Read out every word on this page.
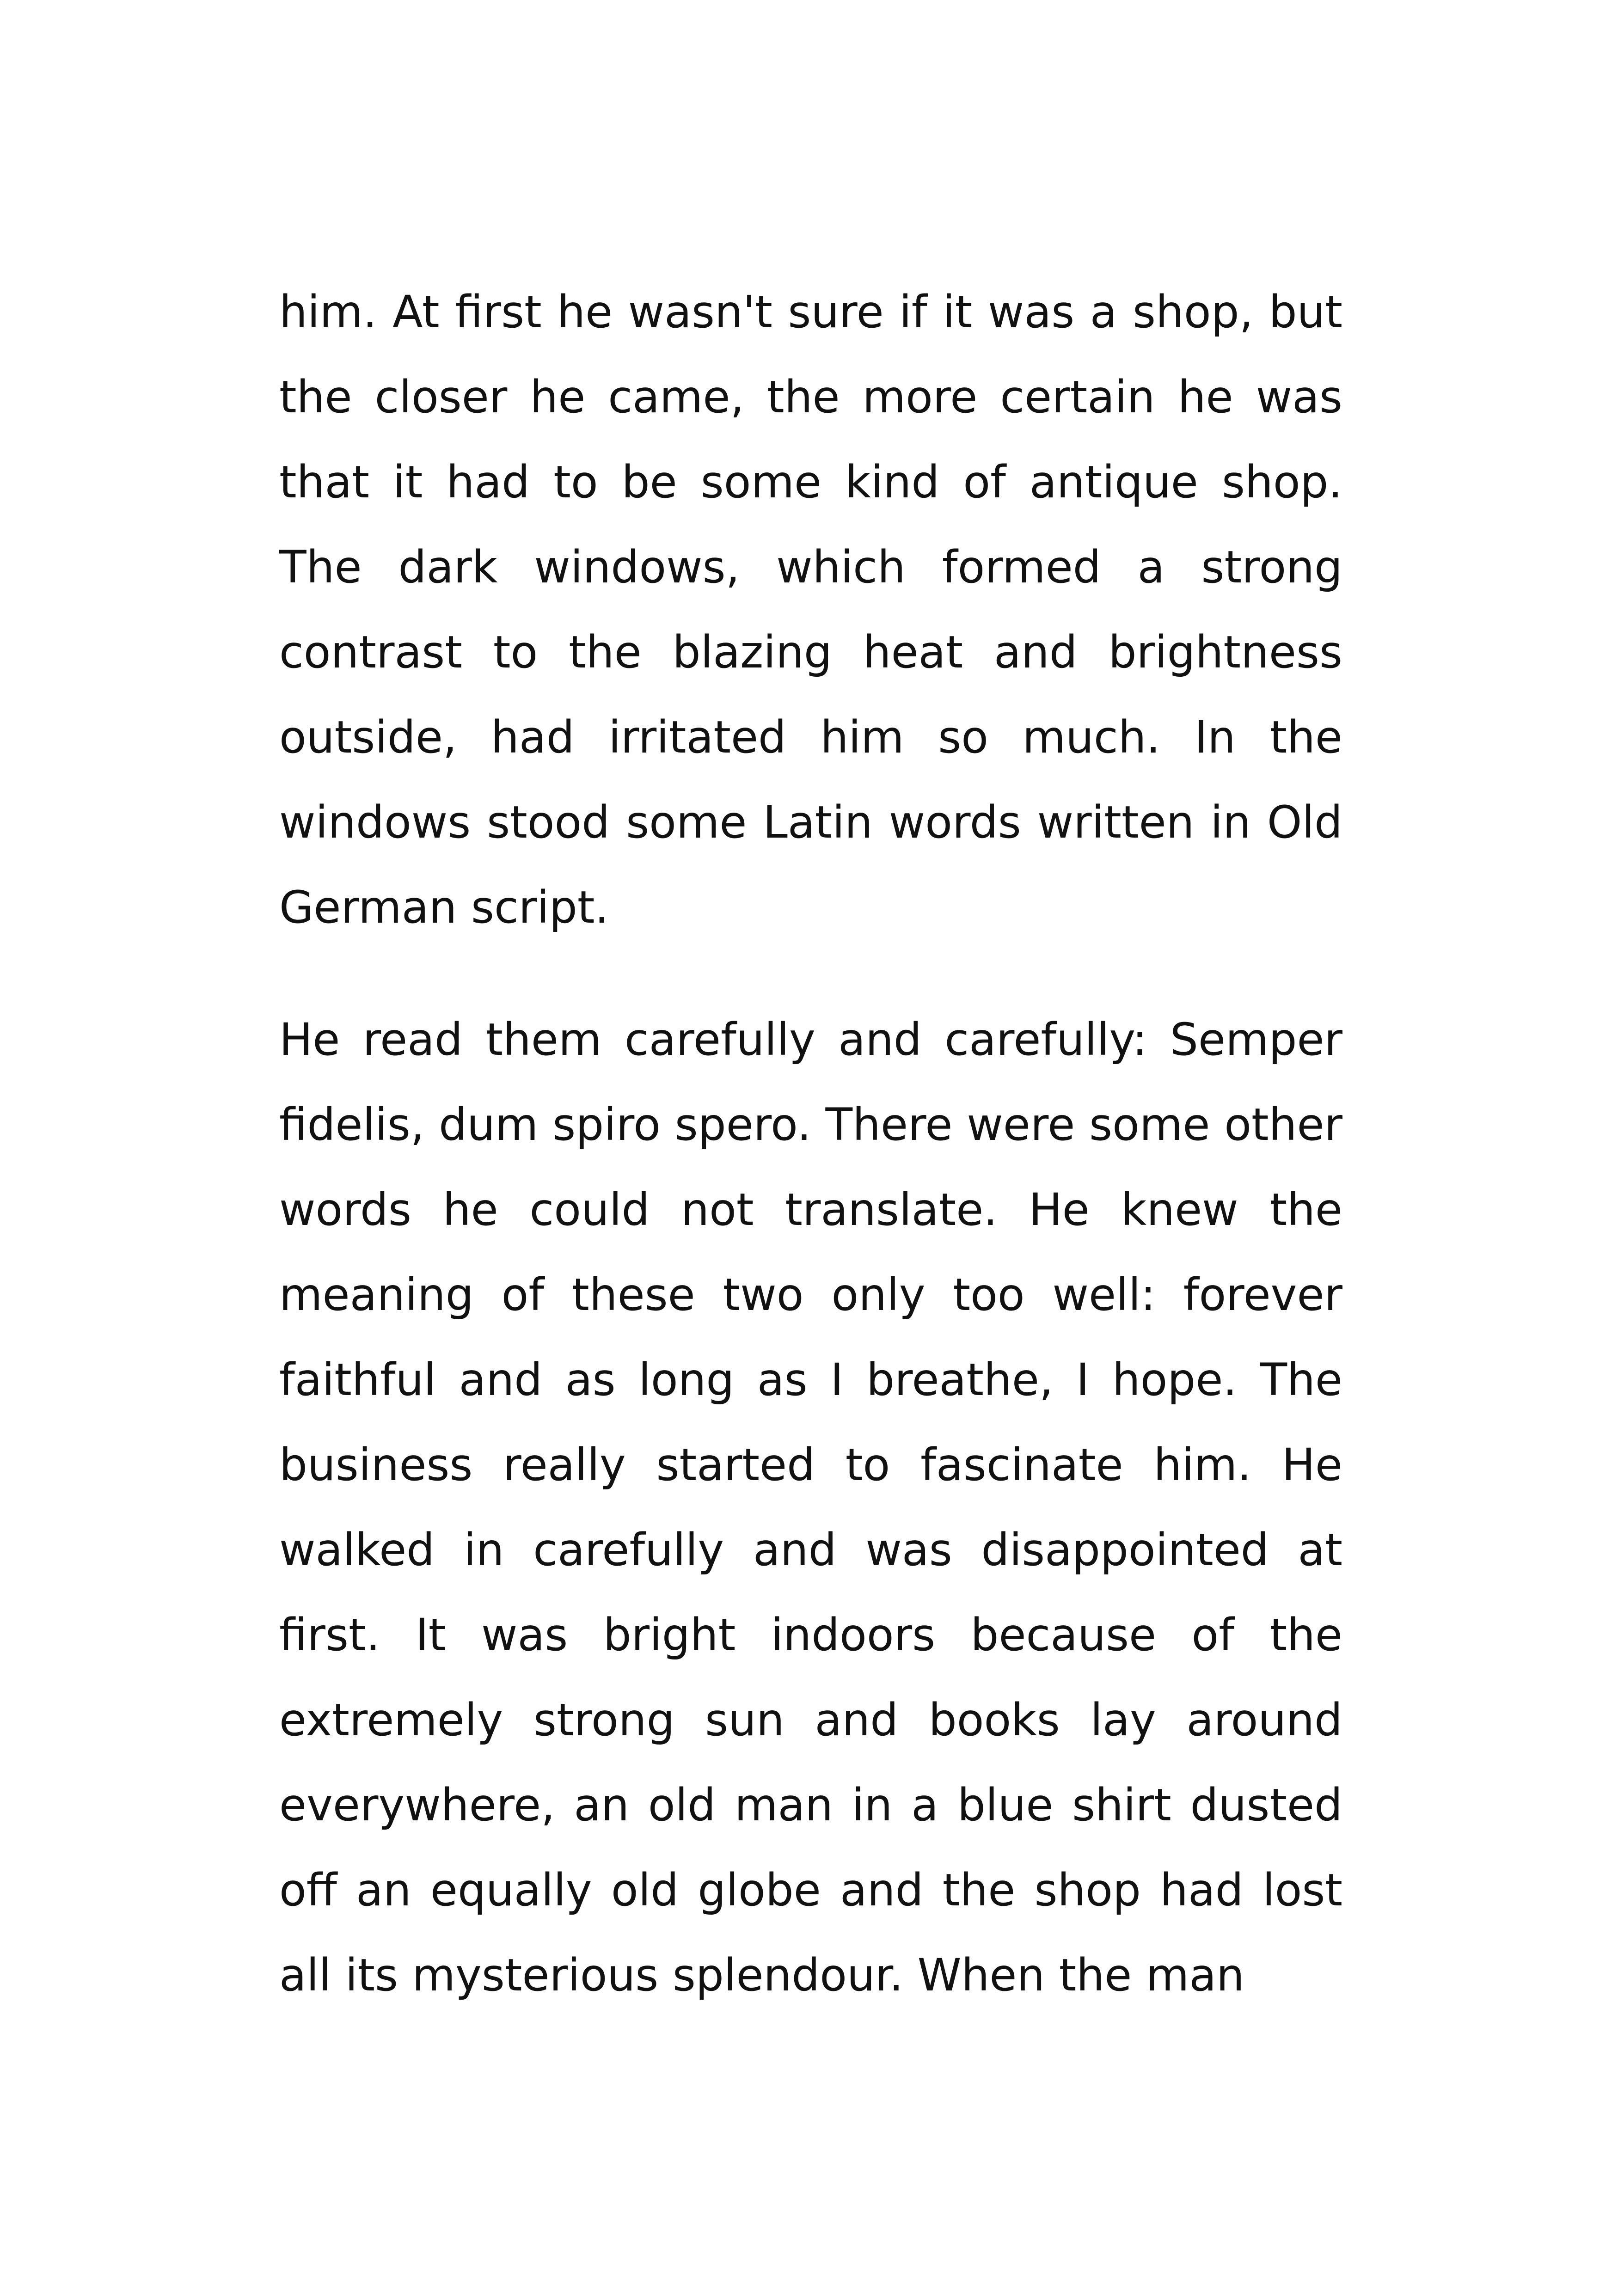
him. At first he wasn't sure if it was a shop, but the closer he came, the more certain he was that it had to be some kind of antique shop. The dark windows, which formed a strong contrast to the blazing heat and brightness outside, had irritated him so much. In the windows stood some Latin words written in Old German script.

He read them carefully and carefully: Semper fidelis, dum spiro spero. There were some other words he could not translate. He knew the meaning of these two only too well: forever faithful and as long as I breathe, I hope. The business really started to fascinate him. He walked in carefully and was disappointed at first. It was bright indoors because of the extremely strong sun and books lay around everywhere, an old man in a blue shirt dusted off an equally old globe and the shop had lost all its mysterious splendour. When the man
